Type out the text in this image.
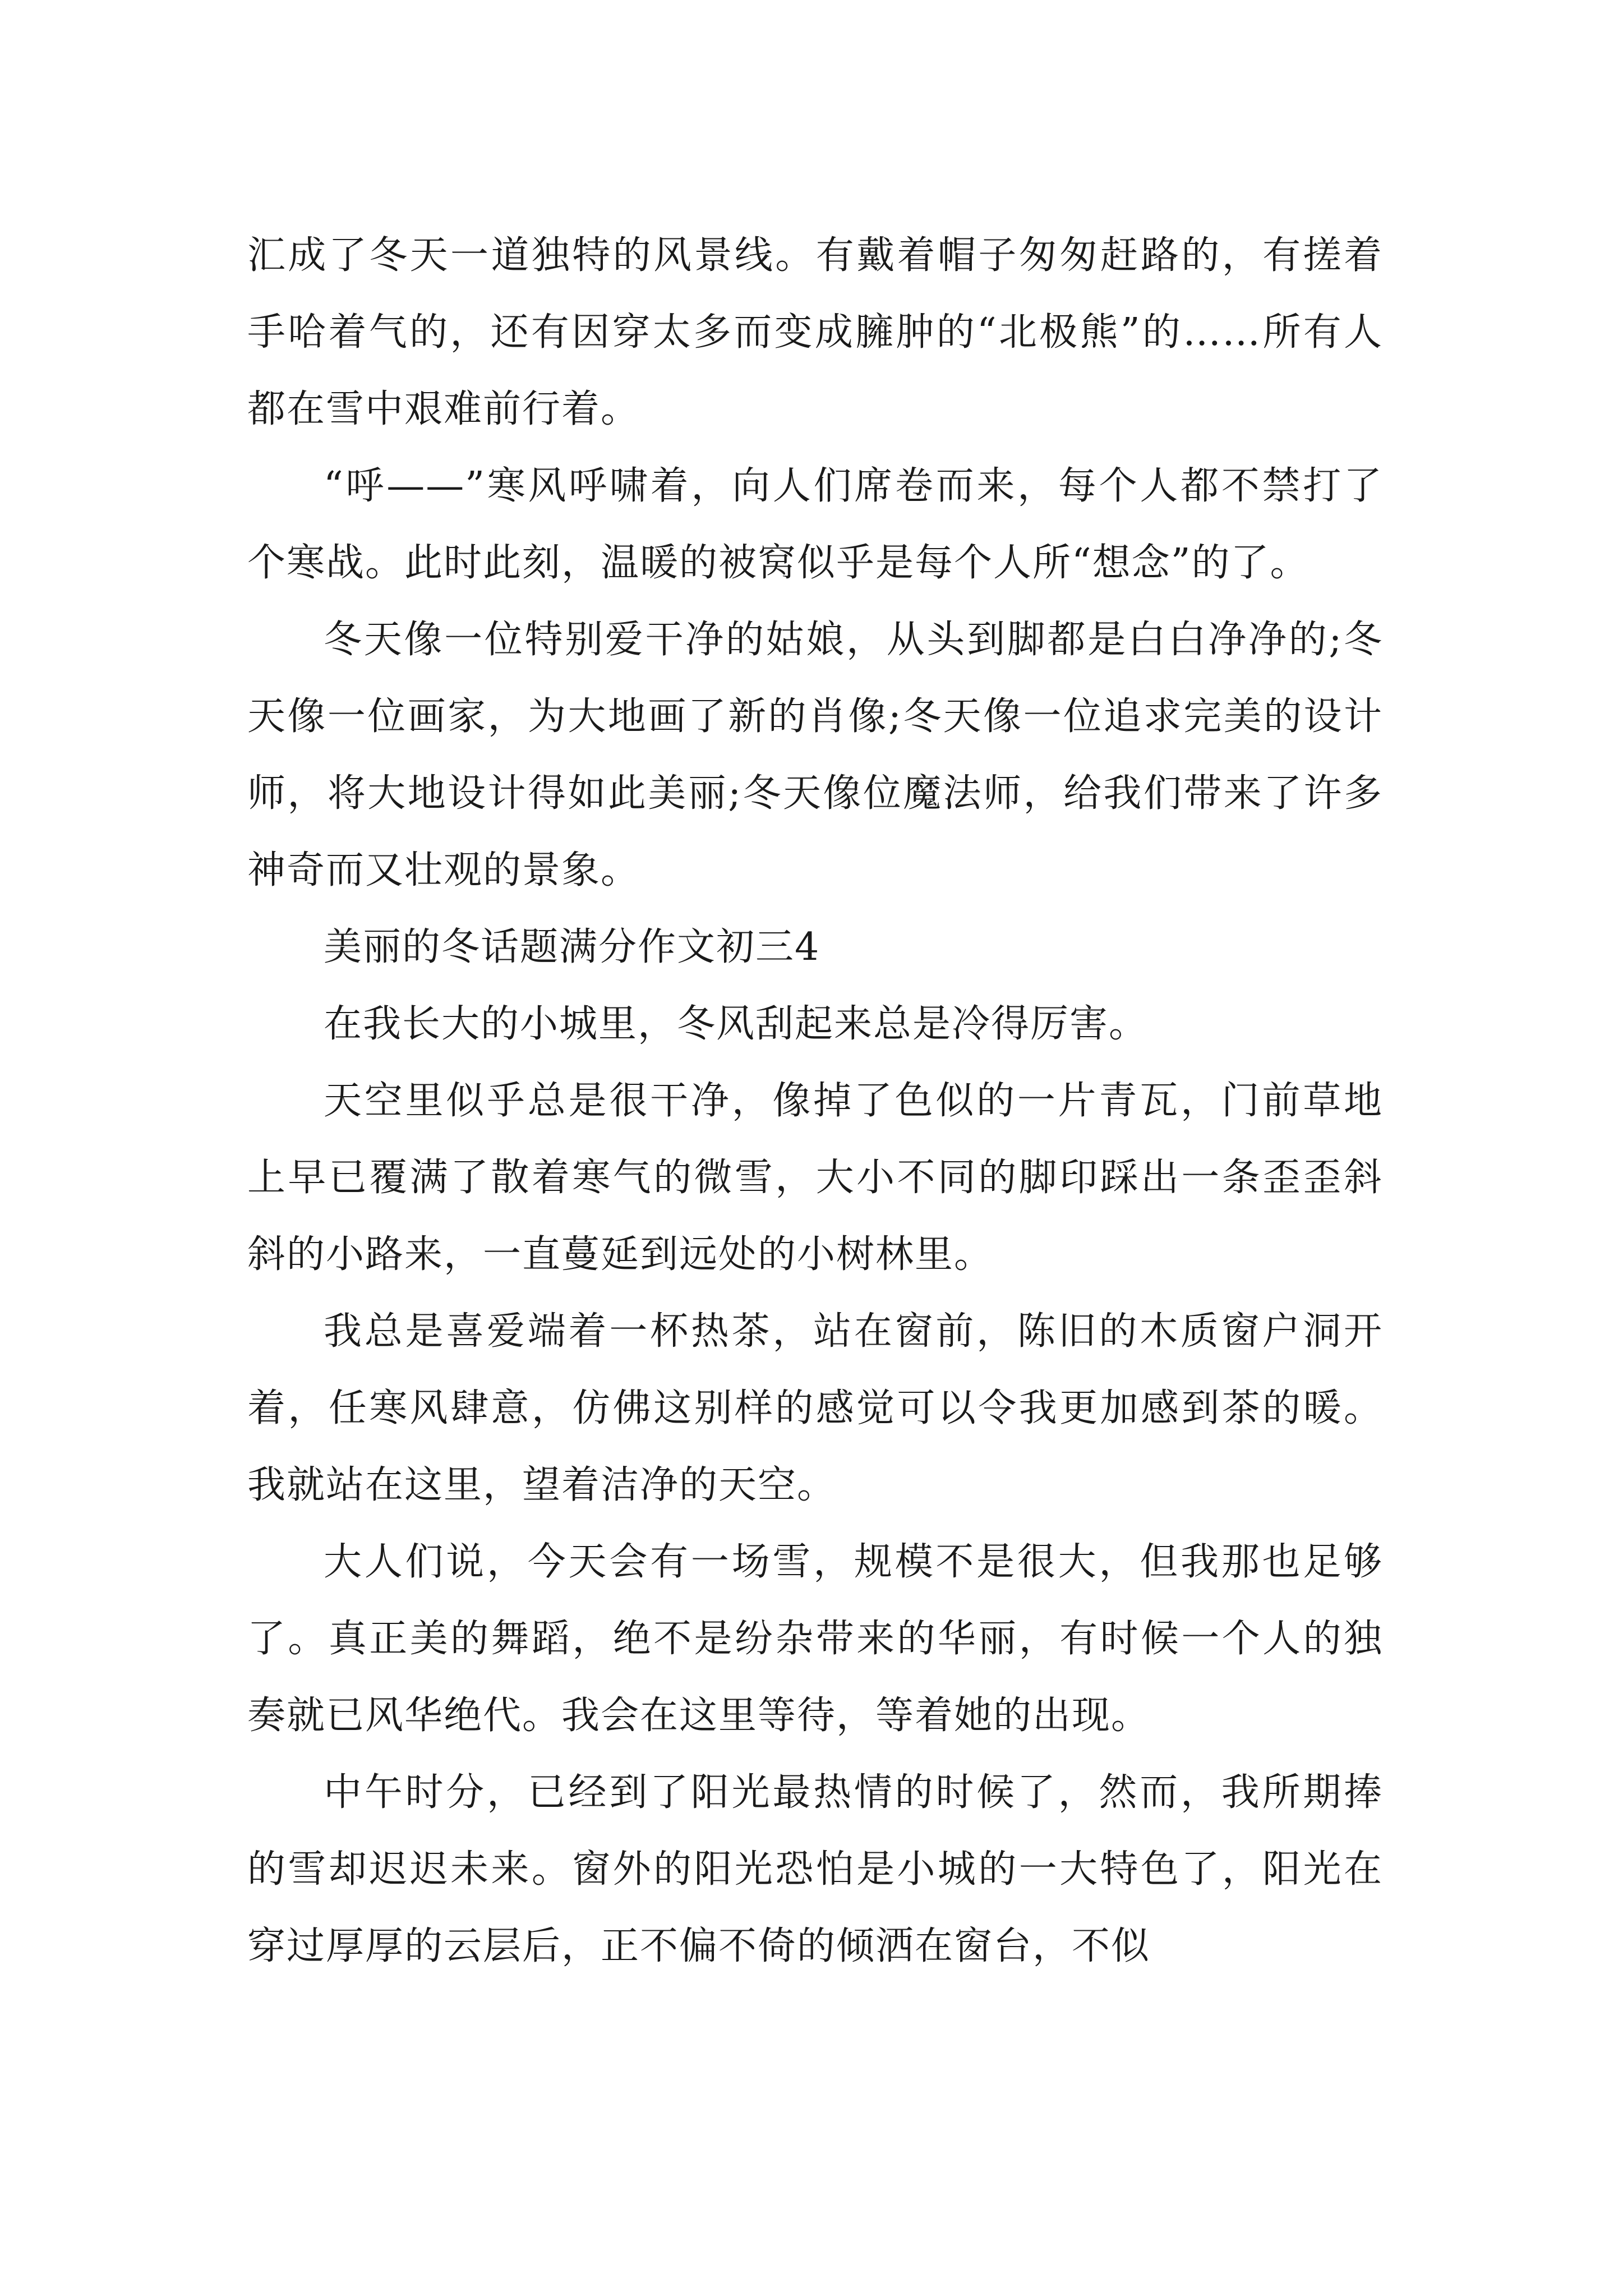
汇成了冬天一道独特的风景线。有戴着帽子匆匆赶路的，有搓着手哈着气的，还有因穿太多而变成臃肿的“北极熊”的……所有人都在雪中艰难前行着。

“呼——”寒风呼啸着，向人们席卷而来，每个人都不禁打了个寒战。此时此刻，温暖的被窝似乎是每个人所“想念”的了。

冬天像一位特别爱干净的姑娘，从头到脚都是白白净净的;冬天像一位画家，为大地画了新的肖像;冬天像一位追求完美的设计师，将大地设计得如此美丽;冬天像位魔法师，给我们带来了许多神奇而又壮观的景象。

美丽的冬话题满分作文初三4

在我长大的小城里，冬风刮起来总是冷得厉害。

天空里似乎总是很干净，像掉了色似的一片青瓦，门前草地上早已覆满了散着寒气的微雪，大小不同的脚印踩出一条歪歪斜斜的小路来，一直蔓延到远处的小树林里。

我总是喜爱端着一杯热茶，站在窗前，陈旧的木质窗户洞开着，任寒风肆意，仿佛这别样的感觉可以令我更加感到茶的暖。我就站在这里，望着洁净的天空。

大人们说，今天会有一场雪，规模不是很大，但我那也足够了。真正美的舞蹈，绝不是纷杂带来的华丽，有时候一个人的独奏就已风华绝代。我会在这里等待，等着她的出现。

中午时分，已经到了阳光最热情的时候了，然而，我所期捧的雪却迟迟未来。窗外的阳光恐怕是小城的一大特色了，阳光在穿过厚厚的云层后，正不偏不倚的倾洒在窗台，不似
